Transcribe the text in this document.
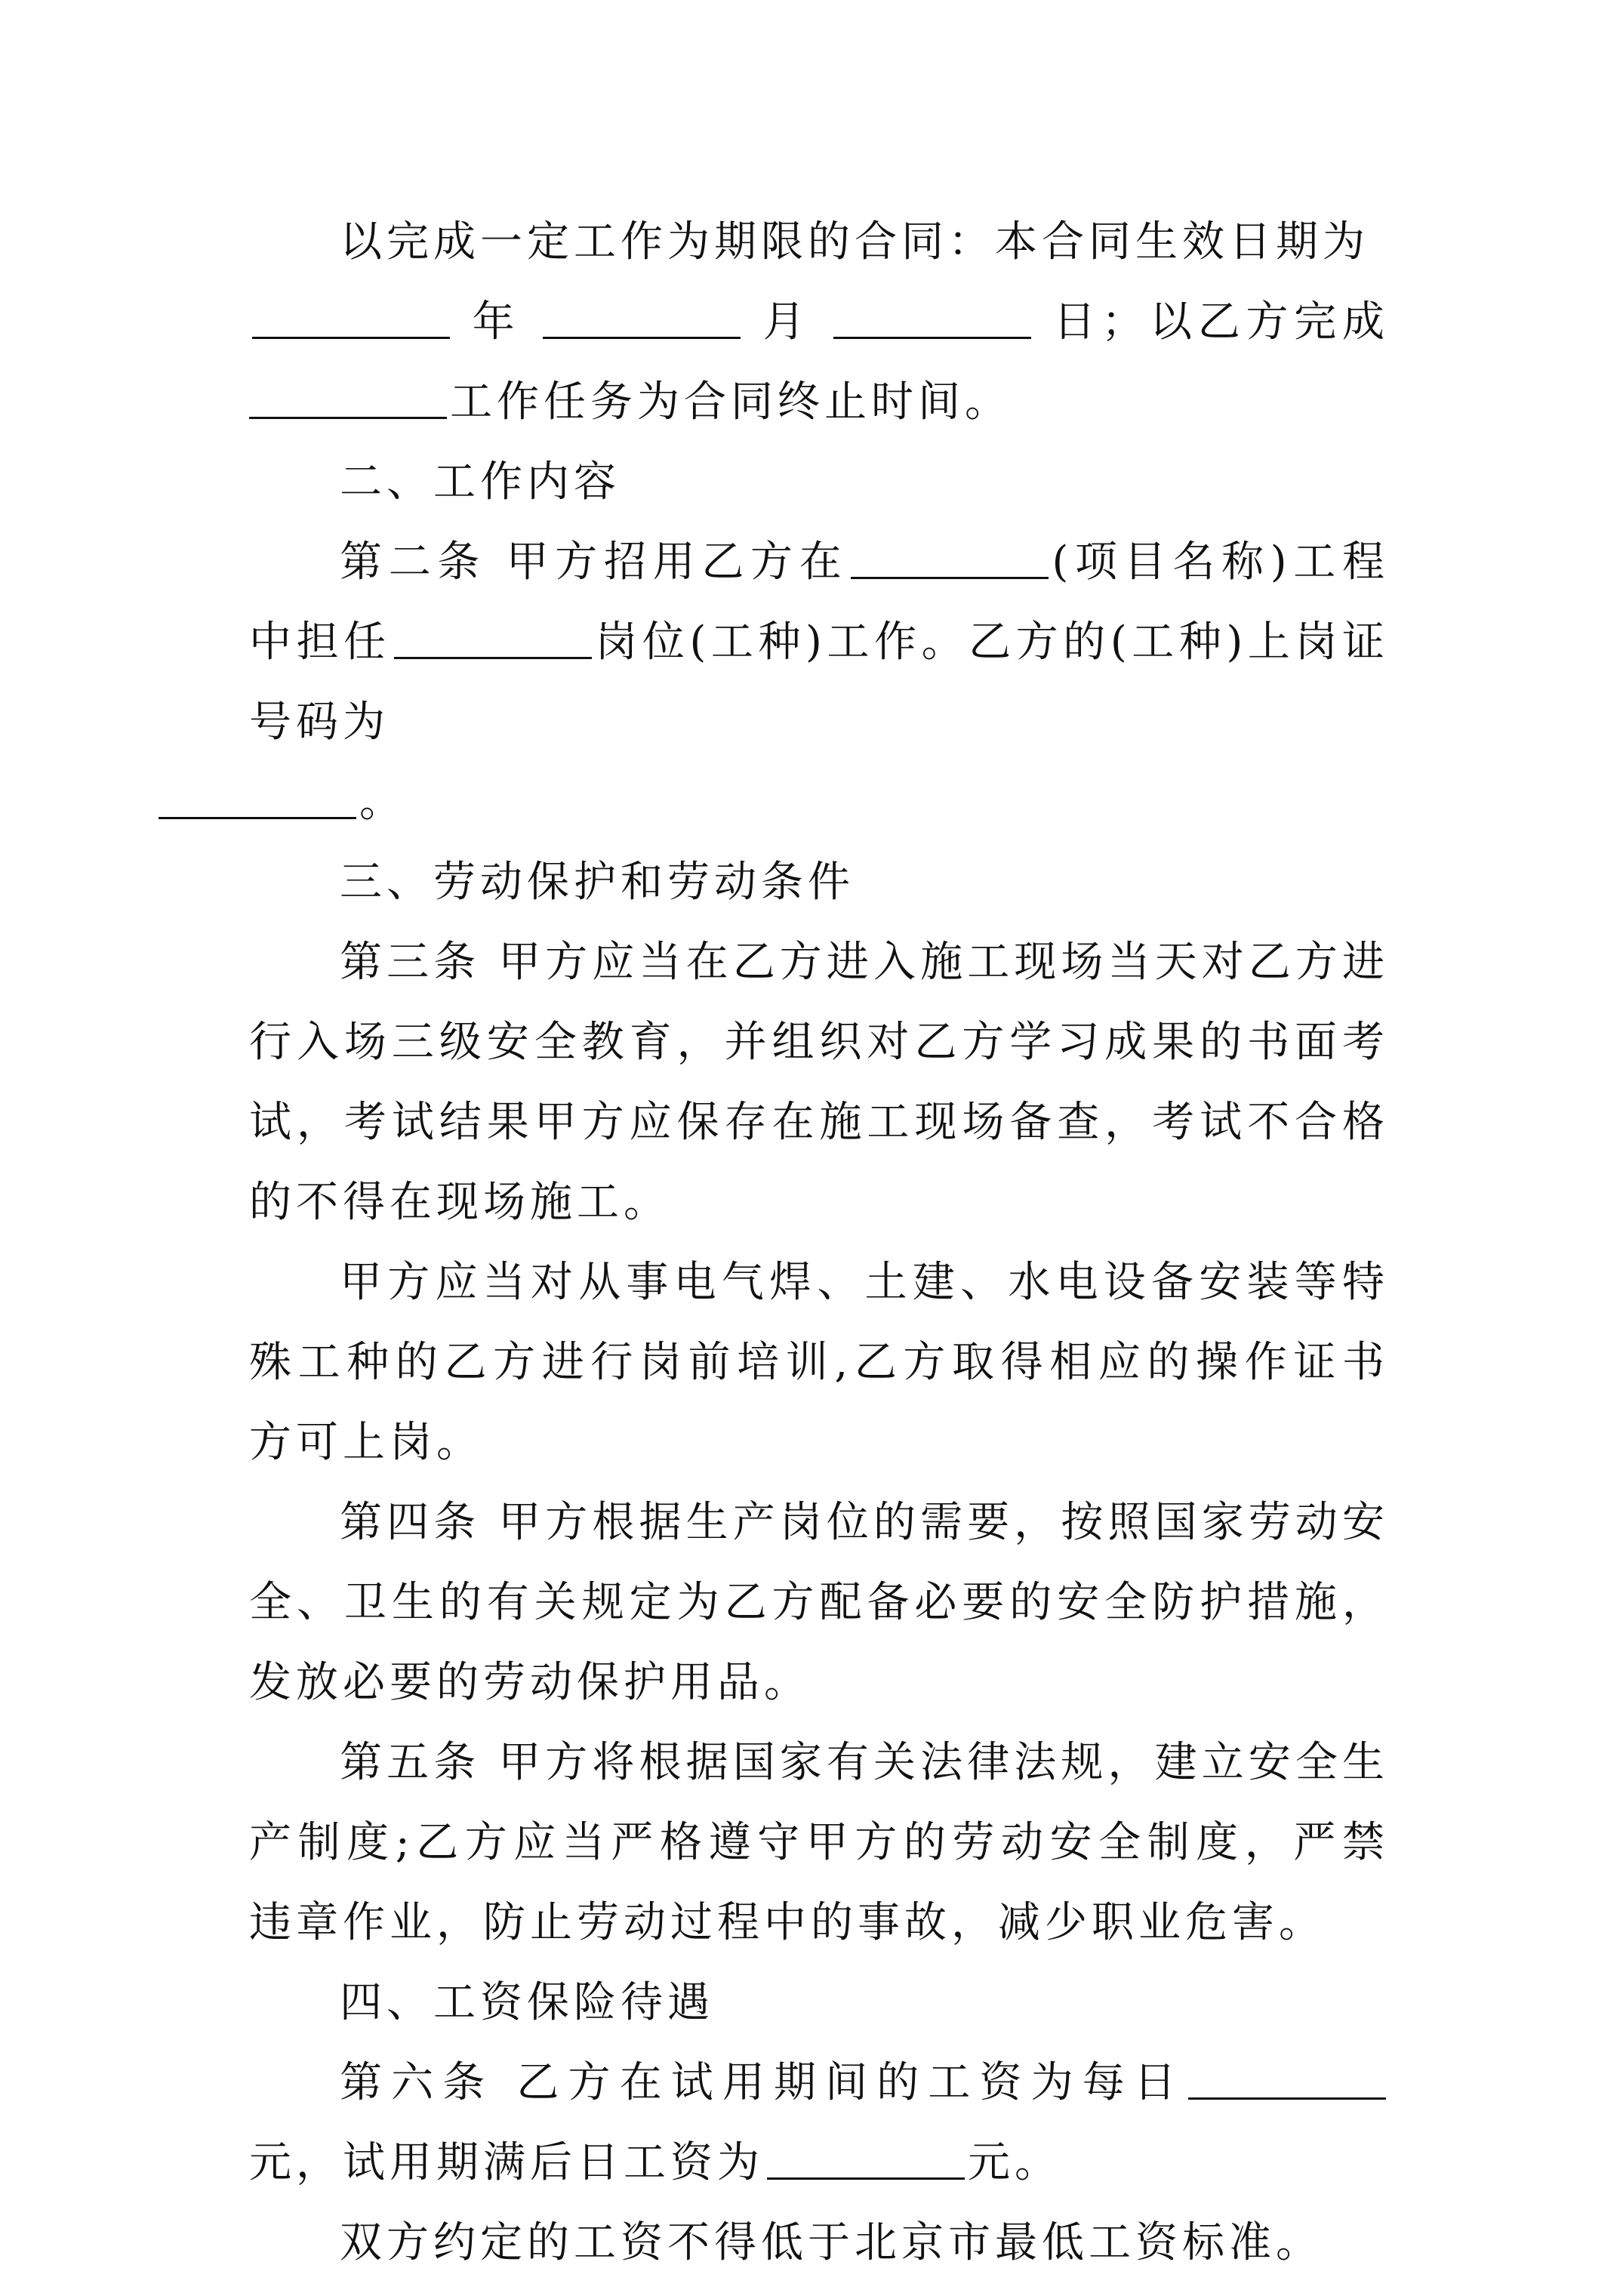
以完成一定工作为期限的合同：本合同生效日期为

年	月	日；以乙方完成

工作任务为合同终止时间。

二、工作内容

第二条 甲方招用乙方在	(项目名称)工程中担任	岗位(工种)工作。乙方的(工种)上岗证号码为
。

三、劳动保护和劳动条件

第三条 甲方应当在乙方进入施工现场当天对乙方进行入场三级安全教育，并组织对乙方学习成果的书面考试，考试结果甲方应保存在施工现场备查，考试不合格的不得在现场施工。

甲方应当对从事电气焊、土建、水电设备安装等特殊工种的乙方进行岗前培训,乙方取得相应的操作证书方可上岗。

第四条 甲方根据生产岗位的需要，按照国家劳动安全、卫生的有关规定为乙方配备必要的安全防护措施，发放必要的劳动保护用品。

第五条 甲方将根据国家有关法律法规，建立安全生产制度;乙方应当严格遵守甲方的劳动安全制度，严禁违章作业，防止劳动过程中的事故，减少职业危害。

四、工资保险待遇

第六条 乙方在试用期间的工资为每日元，试用期满后日工资为	元。

双方约定的工资不得低于北京市最低工资标准。
